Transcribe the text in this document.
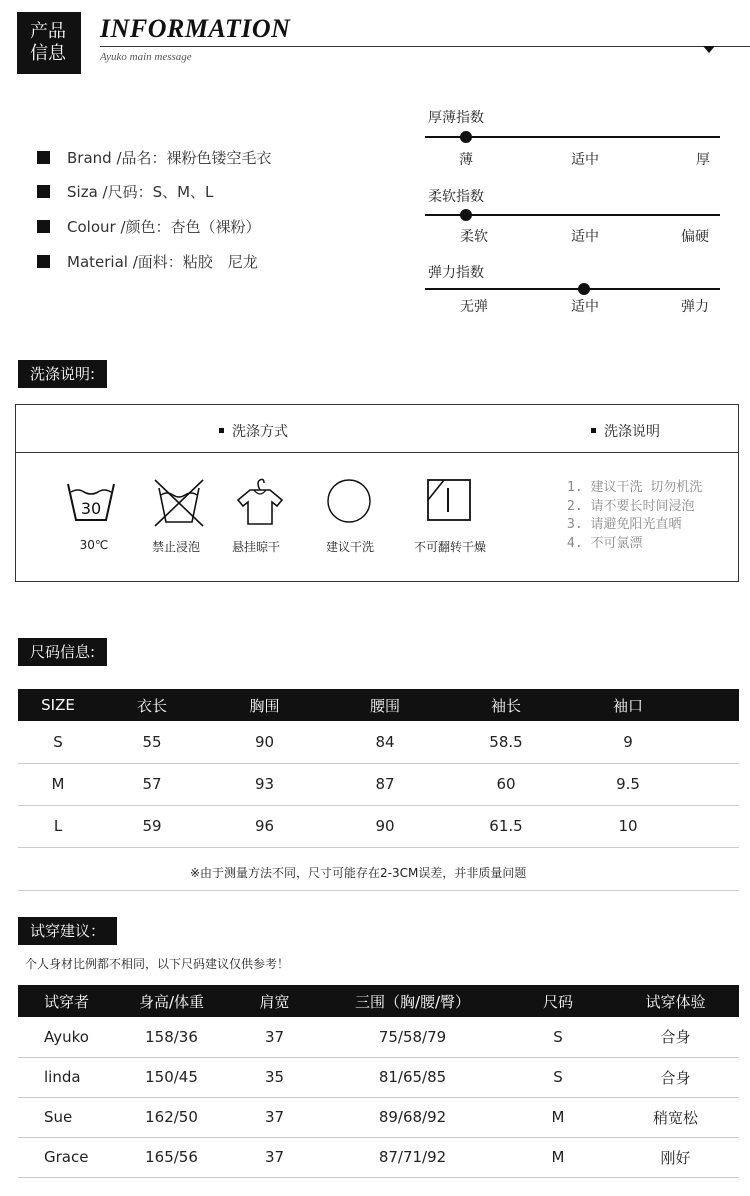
产品
信息
INFORMATION
Ayuko main message
Brand /品名：裸粉色镂空毛衣
Siza /尺码：S、M、L
Colour /颜色：杏色（裸粉）
Material /面料：粘胶　尼龙
厚薄指数
薄	适中	厚
柔软指数
柔软	适中	偏硬
弹力指数
无弹	适中	弹力
洗涤说明:
洗涤方式	洗涤说明
30
30℃	禁止浸泡	悬挂晾干	建议干洗	不可翻转干燥
1. 建议干洗 切勿机洗
2. 请不要长时间浸泡
3. 请避免阳光直晒
4. 不可氯漂
尺码信息:
SIZE	衣长	胸围	腰围	袖长	袖口	
S	55	90	84	58.5	9	
M	57	93	87	60	9.5	
L	59	96	90	61.5	10	
※由于测量方法不同，尺寸可能存在2-3CM误差，并非质量问题
试穿建议：
个人身材比例都不相同，以下尺码建议仅供参考！
试穿者	身高/体重	肩宽	三围（胸/腰/臀）	尺码	试穿体验
Ayuko	158/36	37	75/58/79	S	合身
linda	150/45	35	81/65/85	S	合身
Sue	162/50	37	89/68/92	M	稍宽松
Grace	165/56	37	87/71/92	M	刚好
